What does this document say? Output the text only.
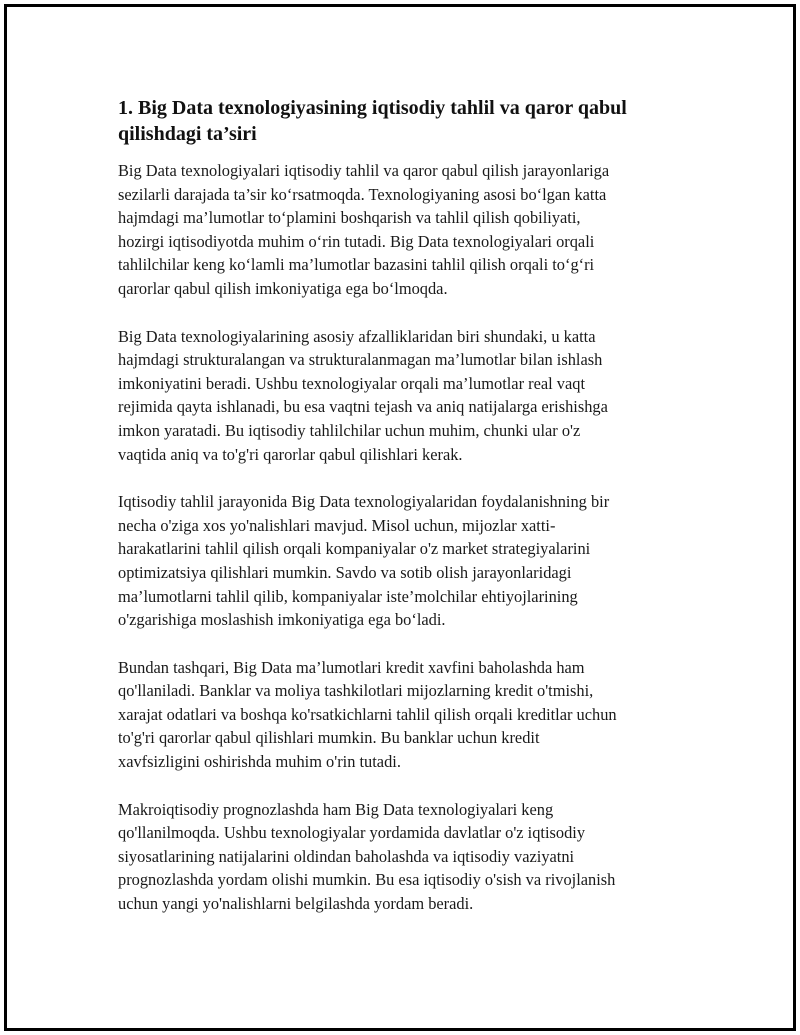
1. Big Data texnologiyasining iqtisodiy tahlil va qaror qabul qilishdagi ta’siri
Big Data texnologiyalari iqtisodiy tahlil va qaror qabul qilish jarayonlariga
sezilarli darajada ta’sir ko‘rsatmoqda. Texnologiyaning asosi bo‘lgan katta
hajmdagi ma’lumotlar to‘plamini boshqarish va tahlil qilish qobiliyati,
hozirgi iqtisodiyotda muhim o‘rin tutadi. Big Data texnologiyalari orqali
tahlilchilar keng ko‘lamli ma’lumotlar bazasini tahlil qilish orqali to‘g‘ri
qarorlar qabul qilish imkoniyatiga ega bo‘lmoqda.
Big Data texnologiyalarining asosiy afzalliklaridan biri shundaki, u katta
hajmdagi strukturalangan va strukturalanmagan ma’lumotlar bilan ishlash
imkoniyatini beradi. Ushbu texnologiyalar orqali ma’lumotlar real vaqt
rejimida qayta ishlanadi, bu esa vaqtni tejash va aniq natijalarga erishishga
imkon yaratadi. Bu iqtisodiy tahlilchilar uchun muhim, chunki ular o'z
vaqtida aniq va to'g'ri qarorlar qabul qilishlari kerak.
Iqtisodiy tahlil jarayonida Big Data texnologiyalaridan foydalanishning bir
necha o'ziga xos yo'nalishlari mavjud. Misol uchun, mijozlar xatti-
harakatlarini tahlil qilish orqali kompaniyalar o'z market strategiyalarini
optimizatsiya qilishlari mumkin. Savdo va sotib olish jarayonlaridagi
ma’lumotlarni tahlil qilib, kompaniyalar iste’molchilar ehtiyojlarining
o'zgarishiga moslashish imkoniyatiga ega bo‘ladi.
Bundan tashqari, Big Data ma’lumotlari kredit xavfini baholashda ham
qo'llaniladi. Banklar va moliya tashkilotlari mijozlarning kredit o'tmishi,
xarajat odatlari va boshqa ko'rsatkichlarni tahlil qilish orqali kreditlar uchun
to'g'ri qarorlar qabul qilishlari mumkin. Bu banklar uchun kredit
xavfsizligini oshirishda muhim o'rin tutadi.
Makroiqtisodiy prognozlashda ham Big Data texnologiyalari keng
qo'llanilmoqda. Ushbu texnologiyalar yordamida davlatlar o'z iqtisodiy
siyosatlarining natijalarini oldindan baholashda va iqtisodiy vaziyatni
prognozlashda yordam olishi mumkin. Bu esa iqtisodiy o'sish va rivojlanish
uchun yangi yo'nalishlarni belgilashda yordam beradi.
